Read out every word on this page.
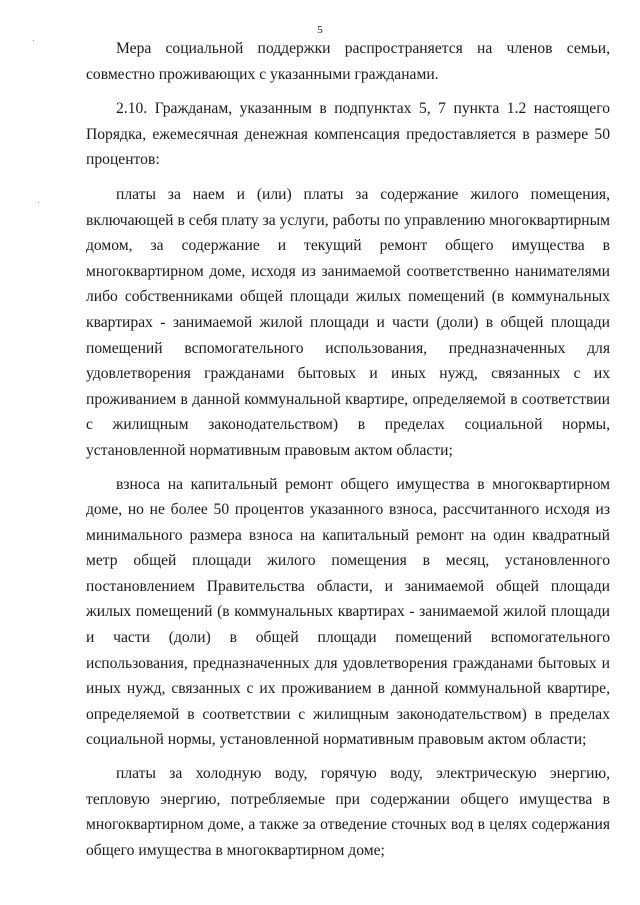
5

Мера социальной поддержки распространяется на членов семьи, совместно проживающих с указанными гражданами.

2.10. Гражданам, указанным в подпунктах 5, 7 пункта 1.2 настоящего Порядка, ежемесячная денежная компенсация предоставляется в размере 50 процентов:

платы за наем и (или) платы за содержание жилого помещения, включающей в себя плату за услуги, работы по управлению многоквартирным домом, за содержание и текущий ремонт общего имущества в многоквартирном доме, исходя из занимаемой соответственно нанимателями либо собственниками общей площади жилых помещений (в коммунальных квартирах - занимаемой жилой площади и части (доли) в общей площади помещений вспомогательного использования, предназначенных для удовлетворения гражданами бытовых и иных нужд, связанных с их проживанием в данной коммунальной квартире, определяемой в соответствии с жилищным законодательством) в пределах социальной нормы, установленной нормативным правовым актом области;

взноса на капитальный ремонт общего имущества в многоквартирном доме, но не более 50 процентов указанного взноса, рассчитанного исходя из минимального размера взноса на капитальный ремонт на один квадратный метр общей площади жилого помещения в месяц, установленного постановлением Правительства области, и занимаемой общей площади жилых помещений (в коммунальных квартирах - занимаемой жилой площади и части (доли) в общей площади помещений вспомогательного использования, предназначенных для удовлетворения гражданами бытовых и иных нужд, связанных с их проживанием в данной коммунальной квартире, определяемой в соответствии с жилищным законодательством) в пределах социальной нормы, установленной нормативным правовым актом области;

платы за холодную воду, горячую воду, электрическую энергию, тепловую энергию, потребляемые при содержании общего имущества в многоквартирном доме, а также за отведение сточных вод в целях содержания общего имущества в многоквартирном доме;
